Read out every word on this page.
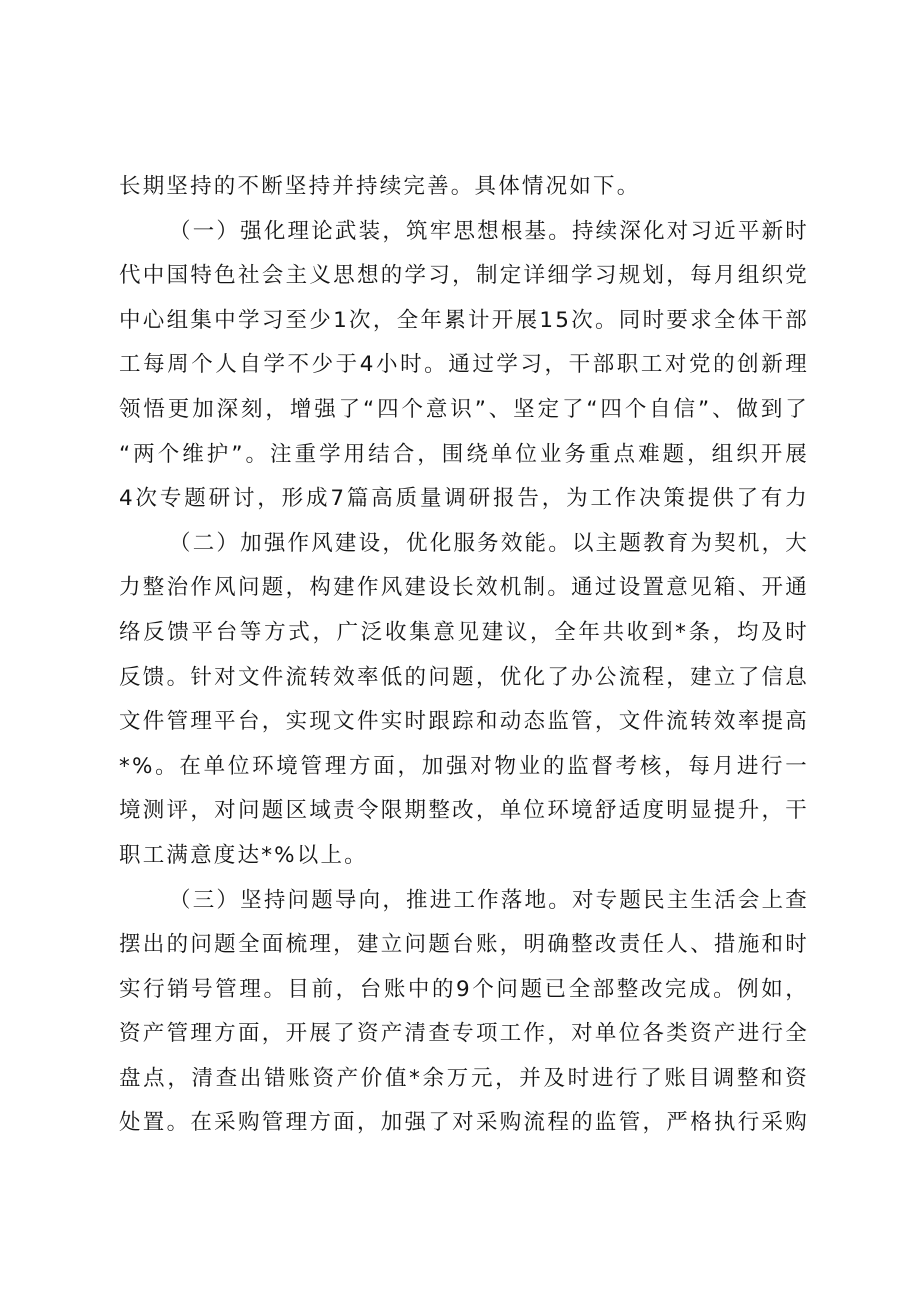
长期坚持的不断坚持并持续完善。具体情况如下。
（一）强化理论武装，筑牢思想根基。持续深化对习近平新时
代中国特色社会主义思想的学习，制定详细学习规划，每月组织党
中心组集中学习至少1次，全年累计开展15次。同时要求全体干部
工每周个人自学不少于4小时。通过学习，干部职工对党的创新理
领悟更加深刻，增强了“四个意识”、坚定了“四个自信”、做到了
“两个维护”。注重学用结合，围绕单位业务重点难题，组织开展
4次专题研讨，形成7篇高质量调研报告，为工作决策提供了有力
（二）加强作风建设，优化服务效能。以主题教育为契机，大
力整治作风问题，构建作风建设长效机制。通过设置意见箱、开通
络反馈平台等方式，广泛收集意见建议，全年共收到*条，均及时
反馈。针对文件流转效率低的问题，优化了办公流程，建立了信息
文件管理平台，实现文件实时跟踪和动态监管，文件流转效率提高
*%。在单位环境管理方面，加强对物业的监督考核，每月进行一
境测评，对问题区域责令限期整改，单位环境舒适度明显提升，干
职工满意度达*%以上。
（三）坚持问题导向，推进工作落地。对专题民主生活会上查
摆出的问题全面梳理，建立问题台账，明确整改责任人、措施和时
实行销号管理。目前，台账中的9个问题已全部整改完成。例如，
资产管理方面，开展了资产清查专项工作，对单位各类资产进行全
盘点，清查出错账资产价值*余万元，并及时进行了账目调整和资
处置。在采购管理方面，加强了对采购流程的监管，严格执行采购
